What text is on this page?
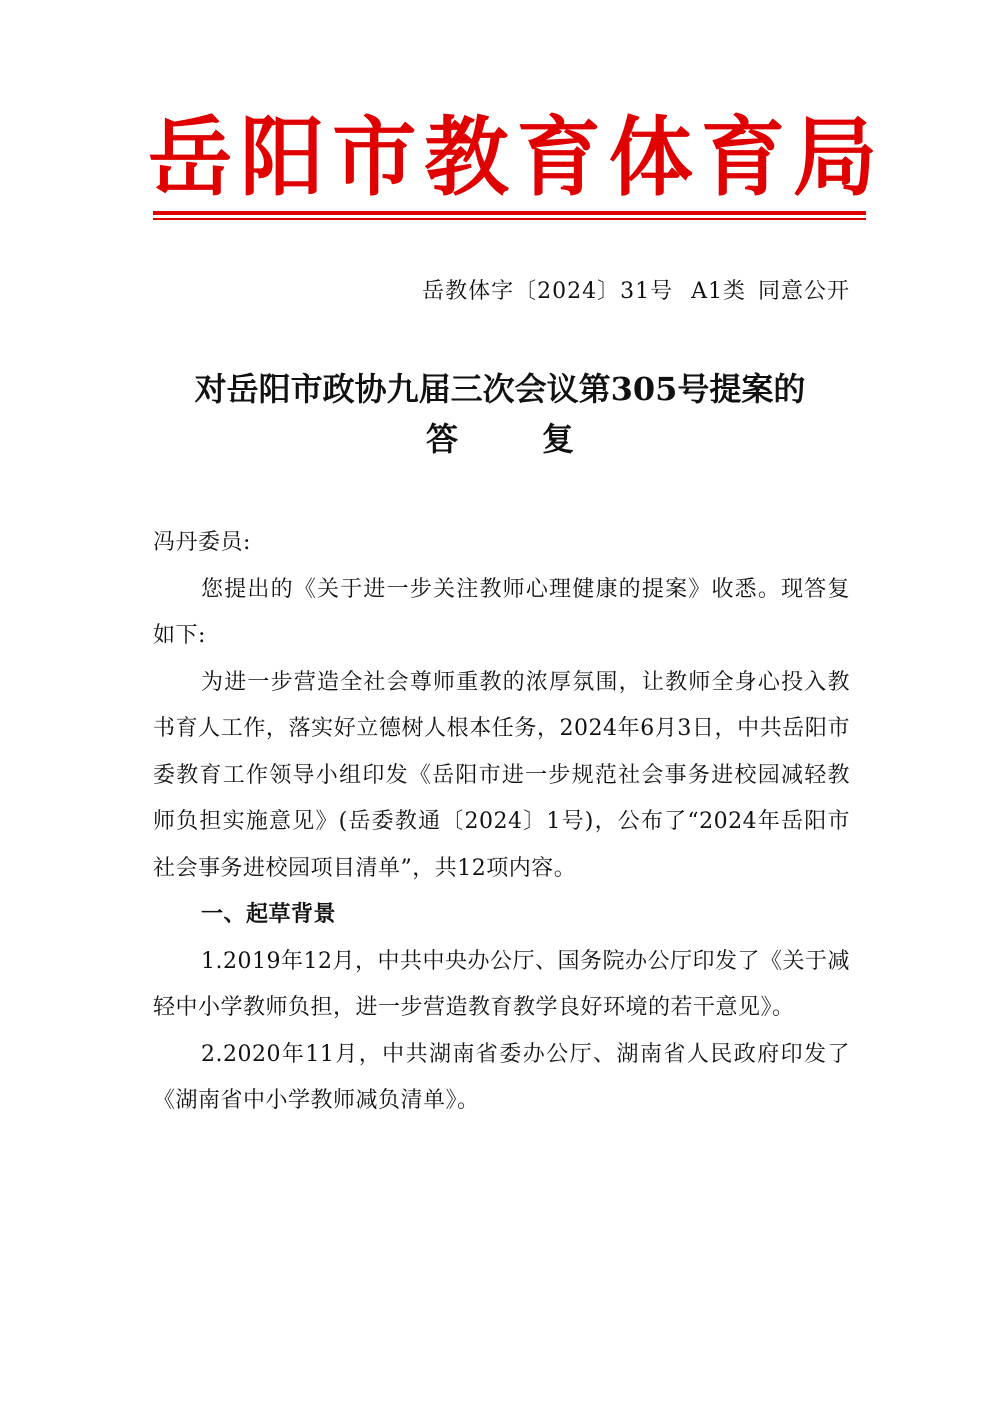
岳阳市教育体育局
岳教体字〔2024〕31号 A1类 同意公开
对岳阳市政协九届三次会议第305号提案的
答	复

冯丹委员:

您提出的《关于进一步关注教师心理健康的提案》收悉。现答复如下:

为进一步营造全社会尊师重教的浓厚氛围，让教师全身心投入教书育人工作，落实好立德树人根本任务，2024年6月3日，中共岳阳市委教育工作领导小组印发《岳阳市进一步规范社会事务进校园减轻教师负担实施意见》(岳委教通〔2024〕1号)，公布了“2024年岳阳市社会事务进校园项目清单”，共12项内容。

一、起草背景

1.2019年12月，中共中央办公厅、国务院办公厅印发了《关于减轻中小学教师负担，进一步营造教育教学良好环境的若干意见》。

2.2020年11月，中共湖南省委办公厅、湖南省人民政府印发了《湖南省中小学教师减负清单》。
